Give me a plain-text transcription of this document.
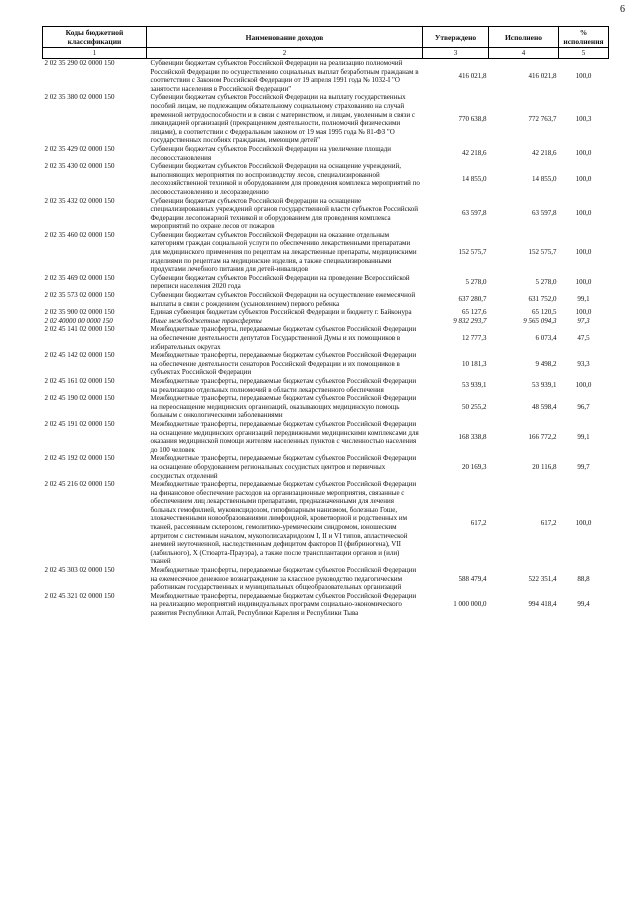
6
Коды бюджетной классификации	Наименование доходов	Утверждено	Исполнено	% исполнения
1	2	3	4	5
2 02 35 290 02 0000 150	Субвенции бюджетам субъектов Российской Федерации на реализацию полномочий Российской Федерации по осуществлению социальных выплат безработным гражданам в соответствии с Законом Российской Федерации от 19 апреля 1991 года № 1032-I "О занятости населения в Российской Федерации"	416 021,8	416 021,8	100,0
2 02 35 380 02 0000 150	Субвенции бюджетам субъектов Российской Федерации на выплату государственных пособий лицам, не подлежащим обязательному социальному страхованию на случай временной нетрудоспособности и в связи с материнством, и лицам, уволенным в связи с ликвидацией организаций (прекращением деятельности, полномочий физическими лицами), в соответствии с Федеральным законом от 19 мая 1995 года № 81-ФЗ "О государственных пособиях гражданам, имеющим детей"	770 638,8	772 763,7	100,3
2 02 35 429 02 0000 150	Субвенции бюджетам субъектов Российской Федерации на увеличение площади лесовосстановления	42 218,6	42 218,6	100,0
2 02 35 430 02 0000 150	Субвенции бюджетам субъектов Российской Федерации на оснащение учреждений, выполняющих мероприятия по воспроизводству лесов, специализированной лесохозяйственной техникой и оборудованием для проведения комплекса мероприятий по лесовосстановлению и лесоразведению	14 855,0	14 855,0	100,0
2 02 35 432 02 0000 150	Субвенции бюджетам субъектов Российской Федерации на оснащение специализированных учреждений органов государственной власти субъектов Российской Федерации лесопожарной техникой и оборудованием для проведения комплекса мероприятий по охране лесов от пожаров	63 597,8	63 597,8	100,0
2 02 35 460 02 0000 150	Субвенции бюджетам субъектов Российской Федерации на оказание отдельным категориям граждан социальной услуги по обеспечению лекарственными препаратами для медицинского применения по рецептам на лекарственные препараты, медицинскими изделиями по рецептам на медицинские изделия, а также специализированными продуктами лечебного питания для детей-инвалидов	152 575,7	152 575,7	100,0
2 02 35 469 02 0000 150	Субвенции бюджетам субъектов Российской Федерации на проведение Всероссийской переписи населения 2020 года	5 278,0	5 278,0	100,0
2 02 35 573 02 0000 150	Субвенции бюджетам субъектов Российской Федерации на осуществление ежемесячной выплаты в связи с рождением (усыновлением) первого ребенка	637 280,7	631 752,0	99,1
2 02 35 900 02 0000 150	Единая субвенция бюджетам субъектов Российской Федерации и бюджету г. Байконура	65 127,6	65 120,5	100,0
2 02 40000 00 0000 150	Иные межбюджетные трансферты	9 832 293,7	9 565 094,3	97,3
2 02 45 141 02 0000 150	Межбюджетные трансферты, передаваемые бюджетам субъектов Российской Федерации на обеспечение деятельности депутатов Государственной Думы и их помощников в избирательных округах	12 777,3	6 073,4	47,5
2 02 45 142 02 0000 150	Межбюджетные трансферты, передаваемые бюджетам субъектов Российской Федерации на обеспечение деятельности сенаторов Российской Федерации и их помощников в субъектах Российской Федерации	10 181,3	9 498,2	93,3
2 02 45 161 02 0000 150	Межбюджетные трансферты, передаваемые бюджетам субъектов Российской Федерации на реализацию отдельных полномочий в области лекарственного обеспечения	53 939,1	53 939,1	100,0
2 02 45 190 02 0000 150	Межбюджетные трансферты, передаваемые бюджетам субъектов Российской Федерации на переоснащение медицинских организаций, оказывающих медицинскую помощь больным с онкологическими заболеваниями	50 255,2	48 598,4	96,7
2 02 45 191 02 0000 150	Межбюджетные трансферты, передаваемые бюджетам субъектов Российской Федерации на оснащение медицинских организаций передвижными медицинскими комплексами для оказания медицинской помощи жителям населенных пунктов с численностью населения до 100 человек	168 338,8	166 772,2	99,1
2 02 45 192 02 0000 150	Межбюджетные трансферты, передаваемые бюджетам субъектов Российской Федерации на оснащение оборудованием региональных сосудистых центров и первичных сосудистых отделений	20 169,3	20 116,8	99,7
2 02 45 216 02 0000 150	Межбюджетные трансферты, передаваемые бюджетам субъектов Российской Федерации на финансовое обеспечение расходов на организационные мероприятия, связанные с обеспечением лиц лекарственными препаратами, предназначенными для лечения больных гемофилией, муковисцидозом, гипофизарным нанизмом, болезнью Гоше, злокачественными новообразованиями лимфоидной, кроветворной и родственных им тканей, рассеянным склерозом, гемолитико-уремическим синдромом, юношеским артритом с системным началом, мукополисахаридозом I, II и VI типов, апластической анемией неуточненной, наследственным дефицитом факторов II (фибриногена), VII (лабильного), X (Стюарта-Прауэра), а также после трансплантации органов и (или) тканей	617,2	617,2	100,0
2 02 45 303 02 0000 150	Межбюджетные трансферты, передаваемые бюджетам субъектов Российской Федерации на ежемесячное денежное вознаграждение за классное руководство педагогическим работникам государственных и муниципальных общеобразовательных организаций	588 479,4	522 351,4	88,8
2 02 45 321 02 0000 150	Межбюджетные трансферты, передаваемые бюджетам субъектов Российской Федерации на реализацию мероприятий индивидуальных программ социально-экономического развития Республики Алтай, Республики Карелия и Республики Тыва	1 000 000,0	994 418,4	99,4
